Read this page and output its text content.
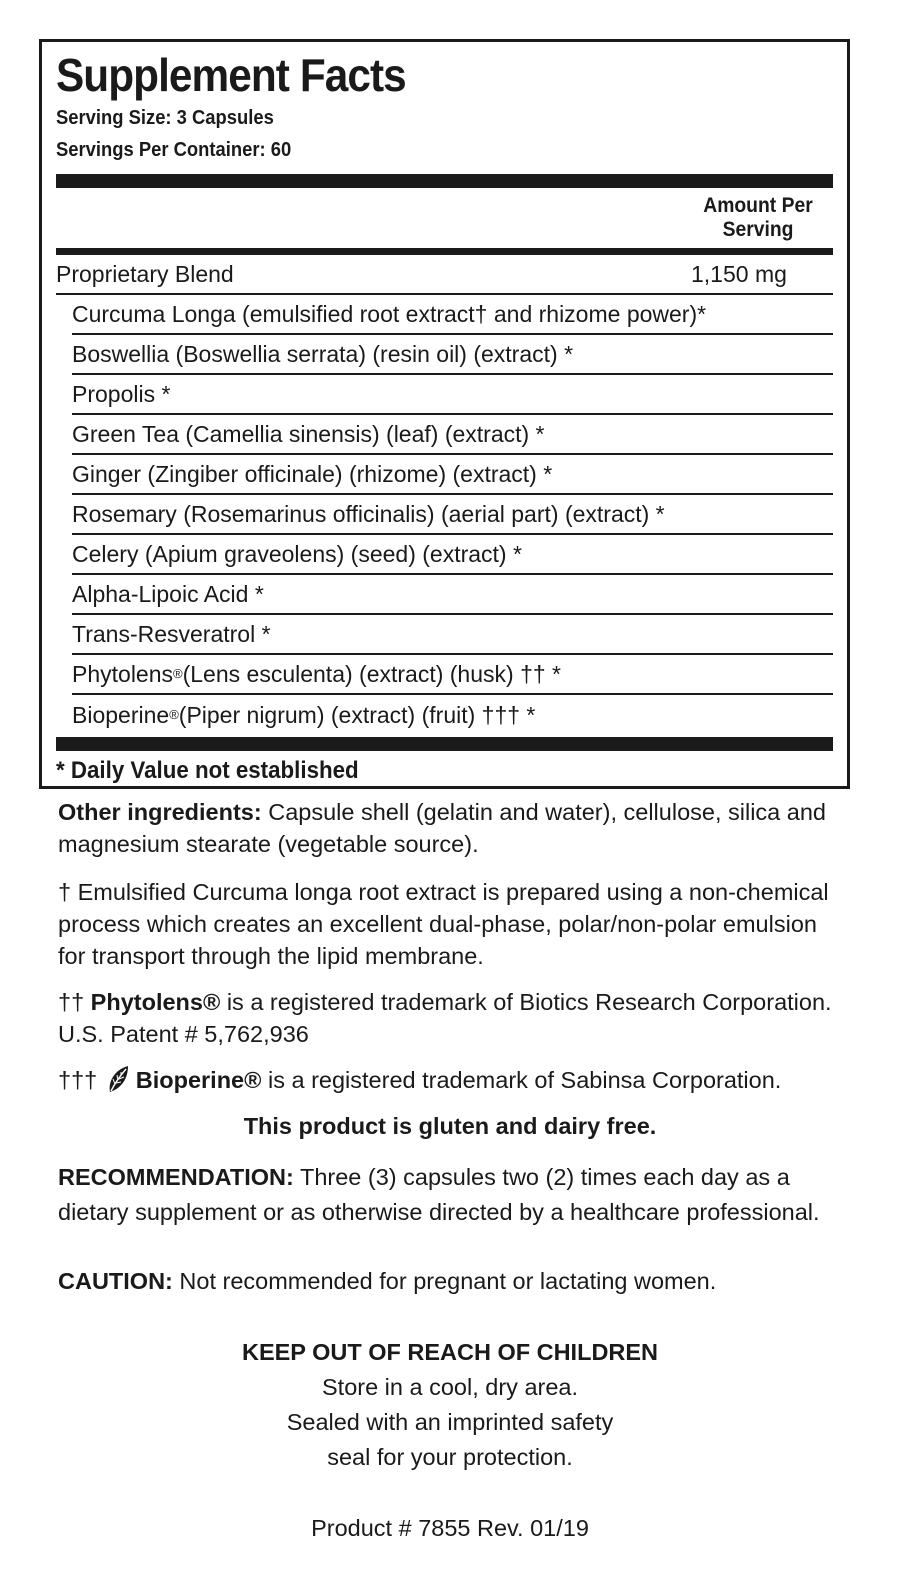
Supplement Facts
Serving Size: 3 Capsules
Servings Per Container: 60
Amount Per
Serving
Proprietary Blend	1,150 mg
Curcuma Longa (emulsified root extract† and rhizome power)*
Boswellia (Boswellia serrata) (resin oil) (extract) *
Propolis *
Green Tea (Camellia sinensis) (leaf) (extract) *
Ginger (Zingiber officinale) (rhizome) (extract) *
Rosemary (Rosemarinus officinalis) (aerial part) (extract) *
Celery (Apium graveolens) (seed) (extract) *
Alpha-Lipoic Acid *
Trans-Resveratrol *
Phytolens ® (Lens esculenta) (extract) (husk) †† *
Bioperine ® (Piper nigrum) (extract) (fruit) ††† *
* Daily Value not established
Other ingredients: Capsule shell (gelatin and water), cellulose, silica and magnesium stearate (vegetable source).
† Emulsified Curcuma longa root extract is prepared using a non-chemical process which creates an excellent dual-phase, polar/non-polar emulsion for transport through the lipid membrane.
†† Phytolens® is a registered trademark of Biotics Research Corporation. U.S. Patent # 5,762,936
††† Bioperine® is a registered trademark of Sabinsa Corporation.
This product is gluten and dairy free.
RECOMMENDATION: Three (3) capsules two (2) times each day as a dietary supplement or as otherwise directed by a healthcare professional.
CAUTION: Not recommended for pregnant or lactating women.
KEEP OUT OF REACH OF CHILDREN
Store in a cool, dry area.
Sealed with an imprinted safety
seal for your protection.
Product # 7855 Rev. 01/19
